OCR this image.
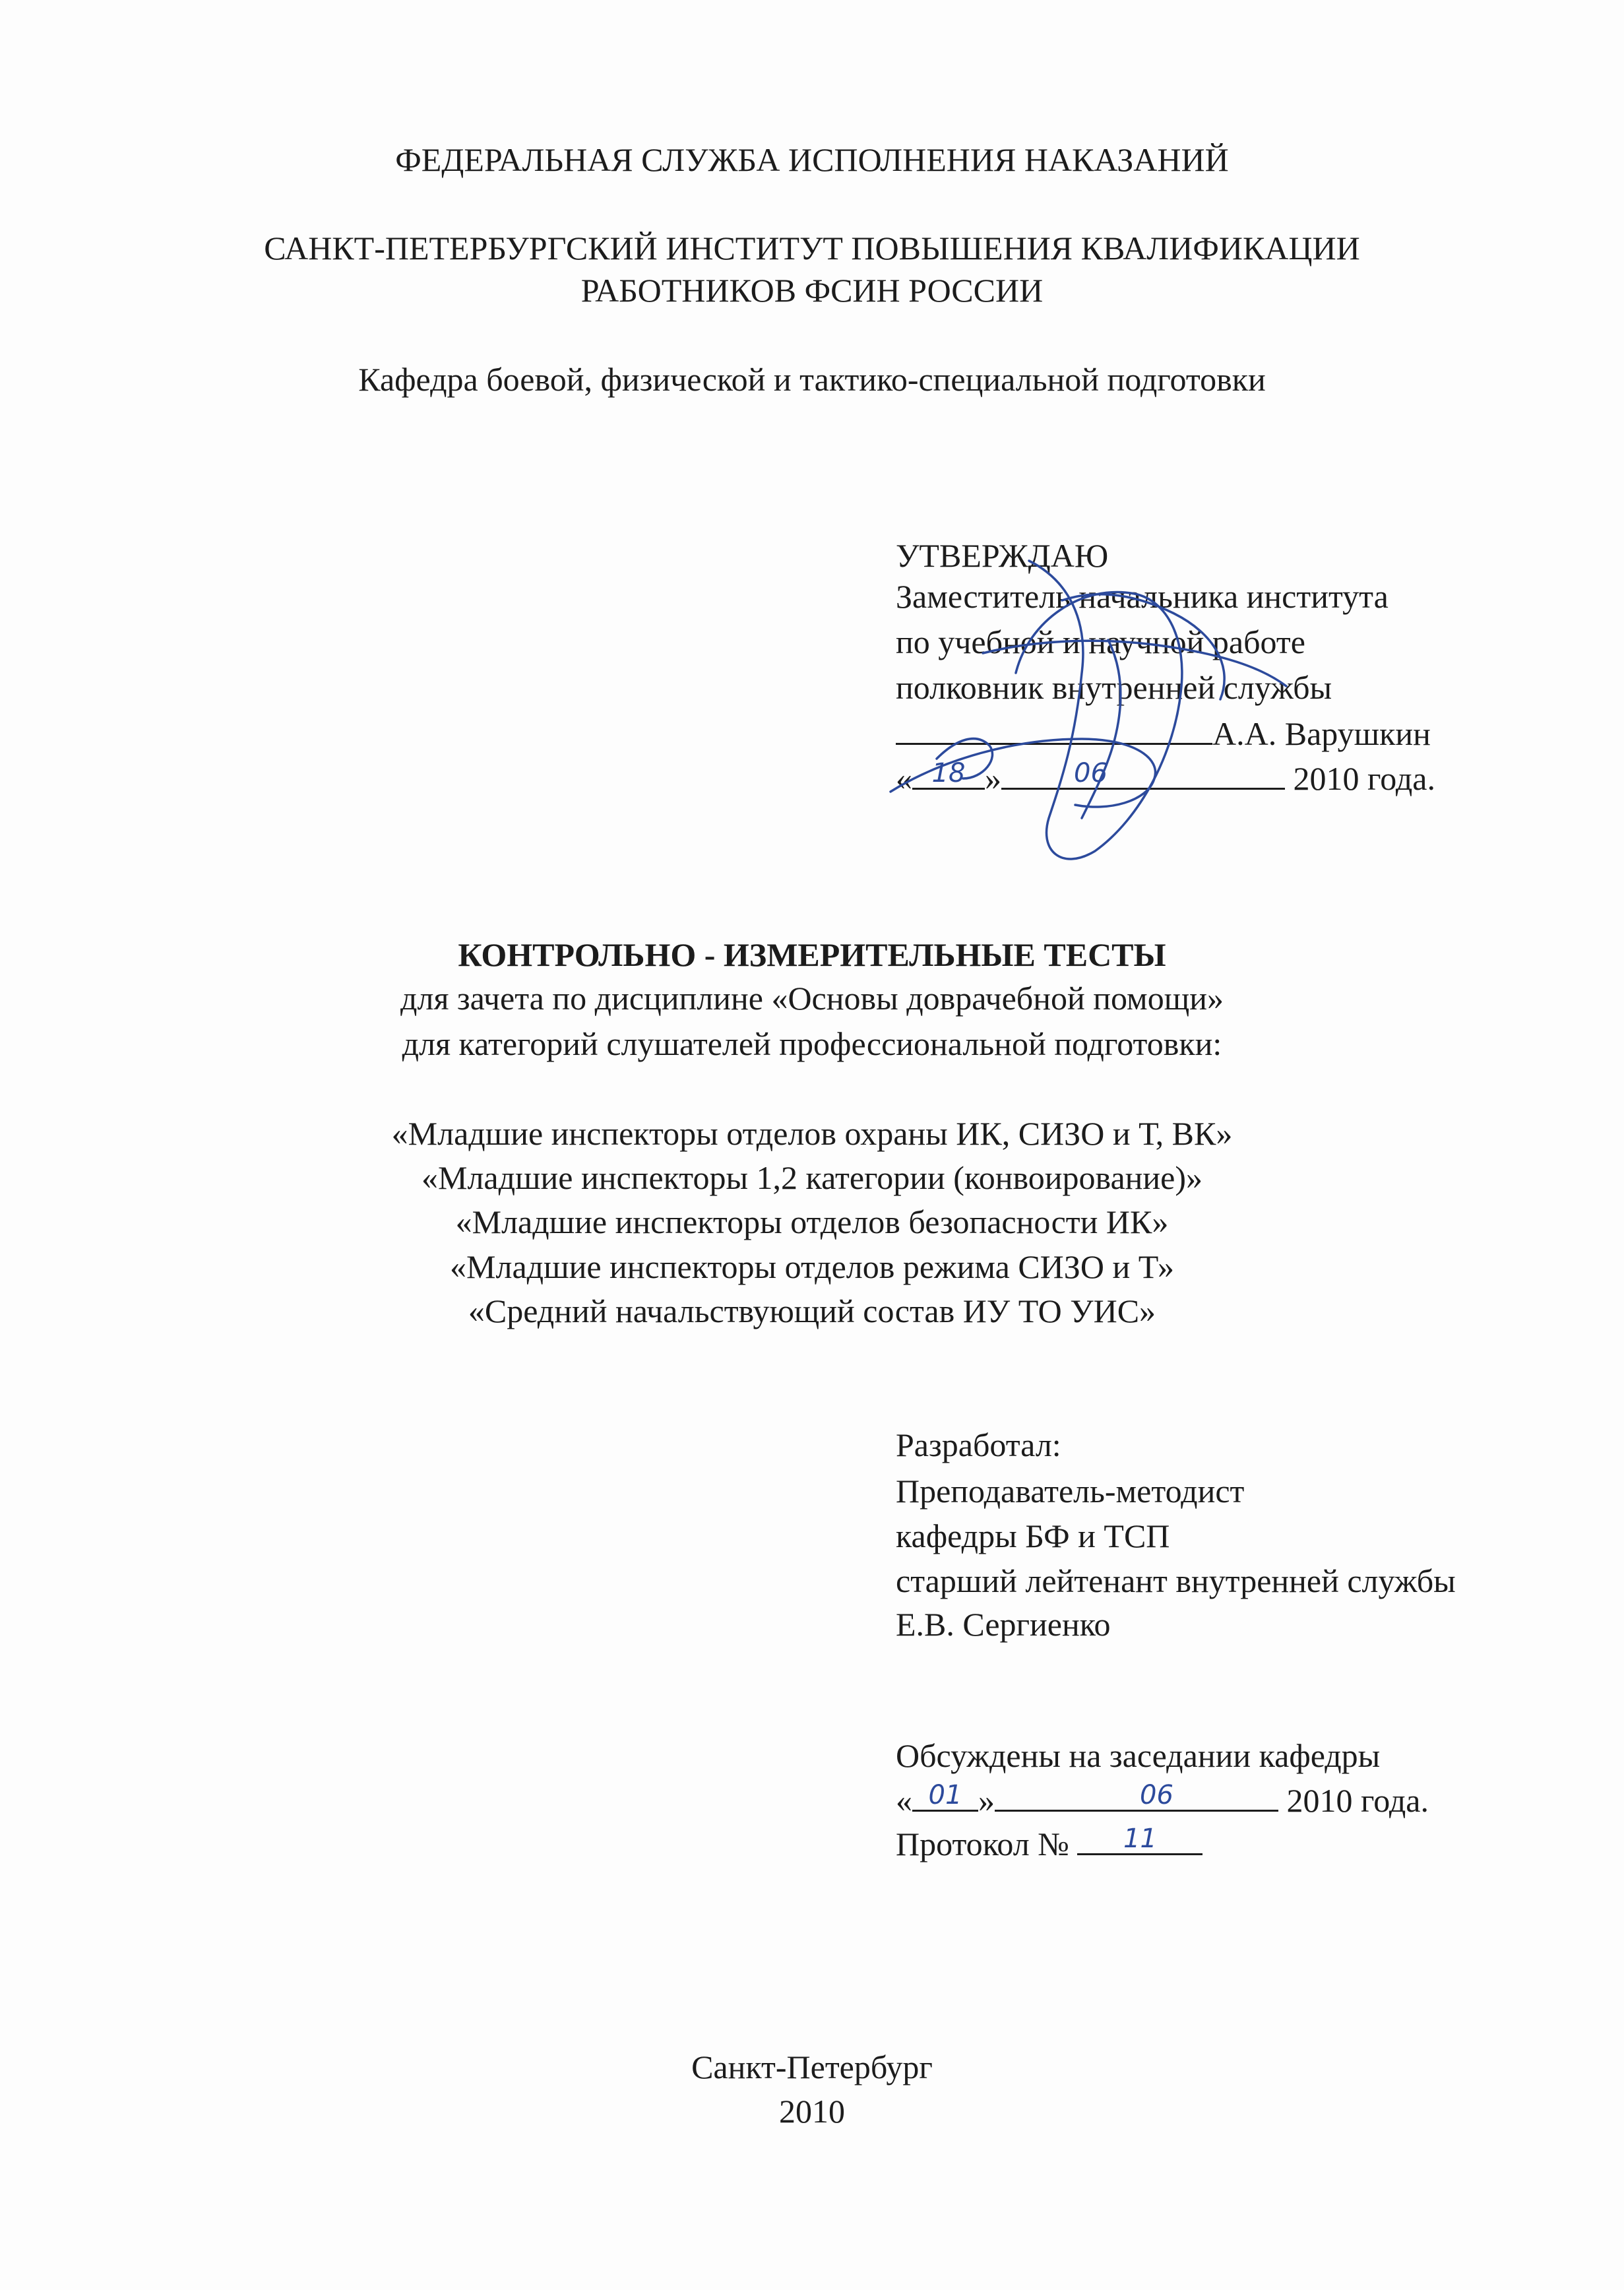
ФЕДЕРАЛЬНАЯ СЛУЖБА ИСПОЛНЕНИЯ НАКАЗАНИЙ
САНКТ-ПЕТЕРБУРГСКИЙ ИНСТИТУТ ПОВЫШЕНИЯ КВАЛИФИКАЦИИ
РАБОТНИКОВ ФСИН РОССИИ
Кафедра боевой, физической и тактико-специальной подготовки
УТВЕРЖДАЮ
Заместитель начальника института
по учебной и научной работе
полковник внутренней службы
А.А. Варушкин
« 18 »	06	2010 года.
КОНТРОЛЬНО - ИЗМЕРИТЕЛЬНЫЕ ТЕСТЫ
для зачета по дисциплине «Основы доврачебной помощи»
для категорий слушателей профессиональной подготовки:
«Младшие инспекторы отделов охраны ИК, СИЗО и Т, ВК»
«Младшие инспекторы 1,2 категории (конвоирование)»
«Младшие инспекторы отделов безопасности ИК»
«Младшие инспекторы отделов режима СИЗО и Т»
«Средний начальствующий состав ИУ ТО УИС»
Разработал:
Преподаватель-методист
кафедры БФ и ТСП
старший лейтенант внутренней службы
Е.В. Сергиенко
Обсуждены на заседании кафедры
« 01 »	06	2010 года.
Протокол №	11
Санкт-Петербург
2010
